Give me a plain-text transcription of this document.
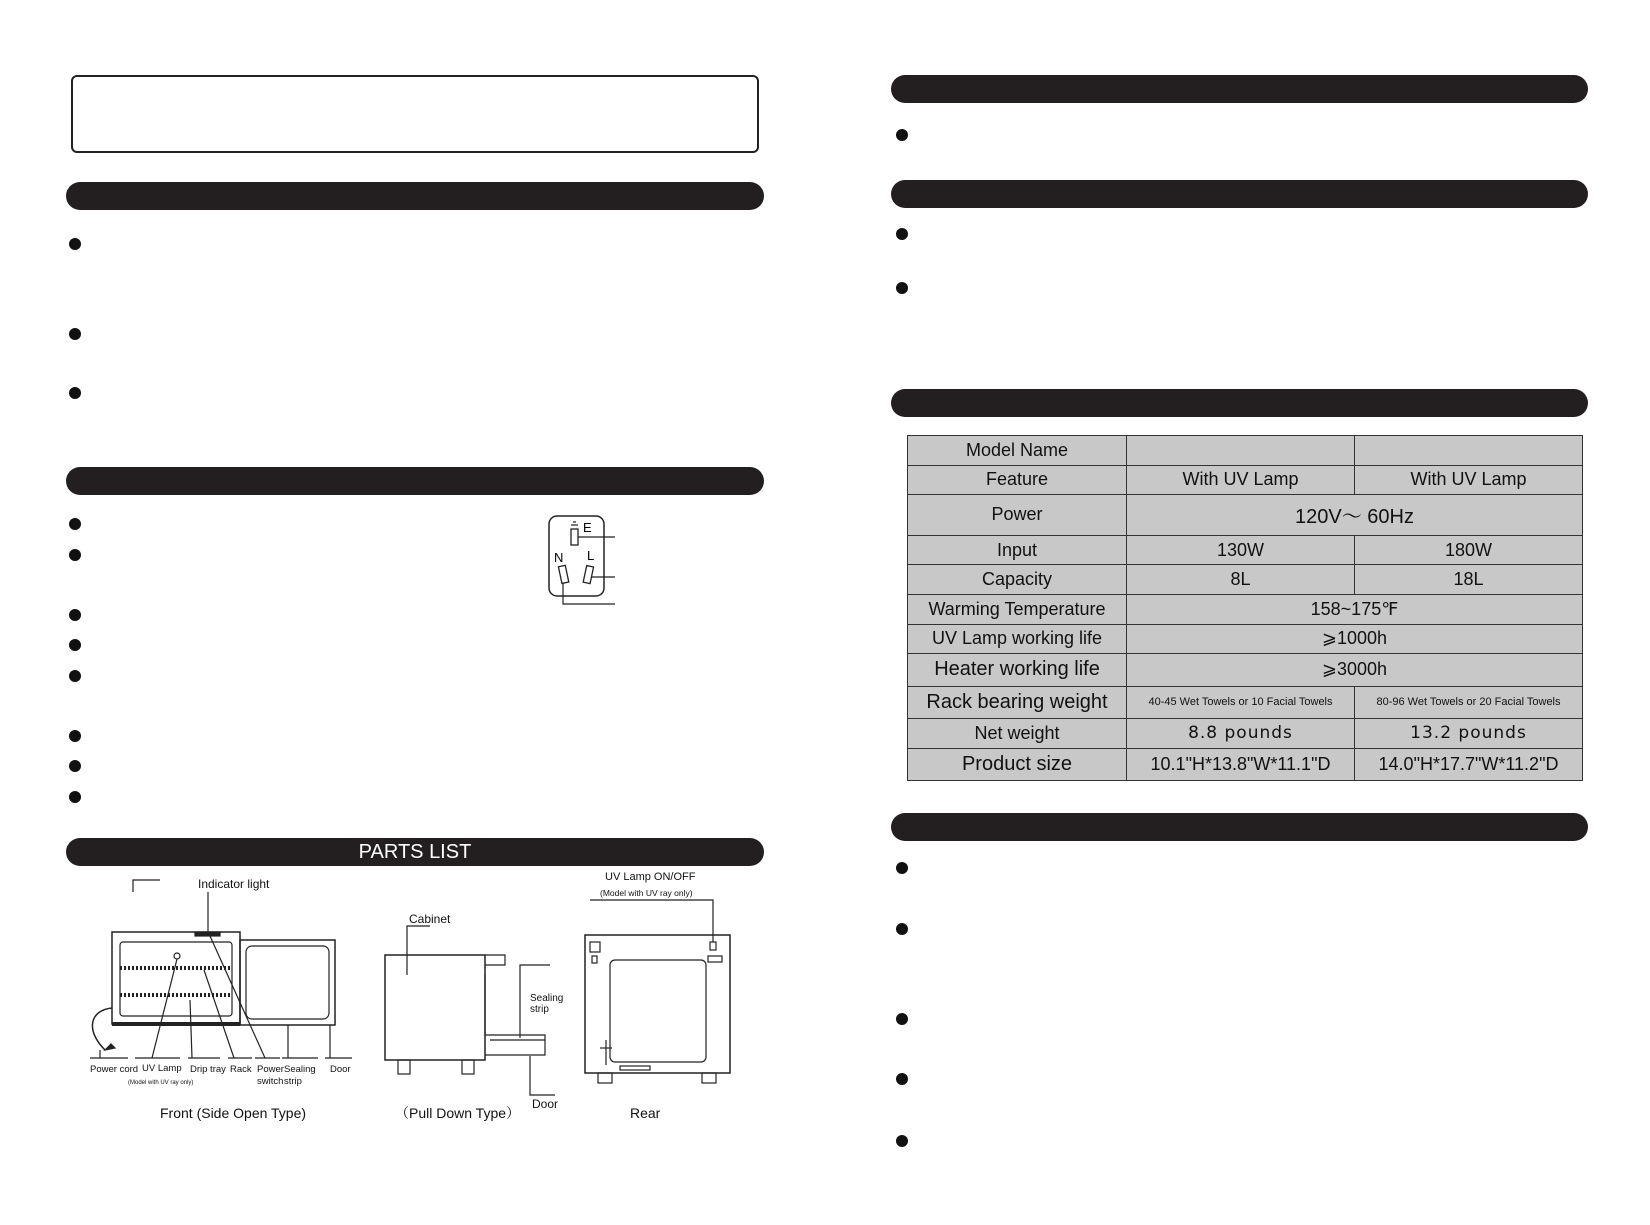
E
N L
PARTS LIST
Indicator light
Power cord UV Lamp
(Model with UV ray only)
Drip tray Rack Power
switch
Sealing
strip
Door
Front (Side Open Type)
Cabinet
Sealing
strip
Door
（Pull Down Type）
UV Lamp ON/OFF
(Model with UV ray only)
Rear
Model Name		
Feature	With UV Lamp	With UV Lamp
Power	120V～ 60Hz	
Input	130W	180W
Capacity	8L	18L
Warming Temperature	158~175℉	
UV Lamp working life	⩾1000h	
Heater working life	⩾3000h	
Rack bearing weight	40-45 Wet Towels or 10 Facial Towels	80-96 Wet Towels or 20 Facial Towels
Net weight	8.8 pounds	13.2 pounds
Product size	10.1"H*13.8"W*11.1"D	14.0"H*17.7"W*11.2"D
